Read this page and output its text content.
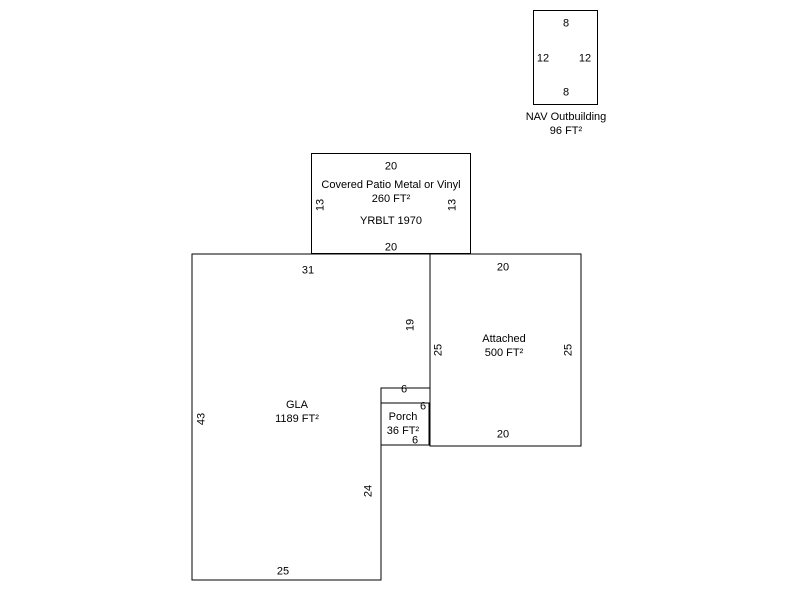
8
8
12	12
NAV Outbuilding
96 FT²
20
20
13	13
Covered Patio Metal or Vinyl
260 FT²
YRBLT 1970
31
43
25
19
24
6
GLA
1189 FT²
20
20
25	25
Attached
500 FT²
6
6
Porch
36 FT²
